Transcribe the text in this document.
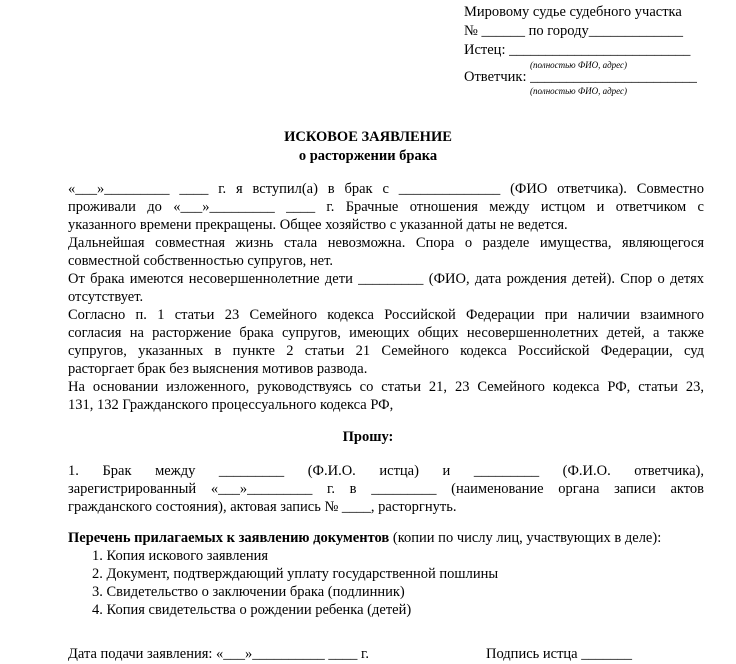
Мировому судье судебного участка
№ ______ по городу_____________
Истец: _________________________
(полностью ФИО, адрес)
Ответчик: _______________________
(полностью ФИО, адрес)
ИСКОВОЕ ЗАЯВЛЕНИЕ
о расторжении брака
«___»_________ ____ г. я вступил(а) в брак с ______________ (ФИО ответчика). Совместно
проживали до «___»_________ ____ г. Брачные отношения между истцом и ответчиком с
указанного времени прекращены. Общее хозяйство с указанной даты не ведется.
Дальнейшая совместная жизнь стала невозможна. Спора о разделе имущества, являющегося
совместной собственностью супругов, нет.
От брака имеются несовершеннолетние дети _________ (ФИО, дата рождения детей). Спор о детях
отсутствует.
Согласно п. 1 статьи 23 Семейного кодекса Российской Федерации при наличии взаимного
согласия на расторжение брака супругов, имеющих общих несовершеннолетних детей, а также
супругов, указанных в пункте 2 статьи 21 Семейного кодекса Российской Федерации, суд
расторгает брак без выяснения мотивов развода.
На основании изложенного, руководствуясь со статьи 21, 23 Семейного кодекса РФ, статьи 23,
131, 132 Гражданского процессуального кодекса РФ,
Прошу:
1. Брак между _________ (Ф.И.О. истца) и _________ (Ф.И.О. ответчика),
зарегистрированный «___»_________ г. в _________ (наименование органа записи актов
гражданского состояния), актовая запись № ____, расторгнуть.
Перечень прилагаемых к заявлению документов (копии по числу лиц, участвующих в деле):
1. Копия искового заявления
2. Документ, подтверждающий уплату государственной пошлины
3. Свидетельство о заключении брака (подлинник)
4. Копия свидетельства о рождении ребенка (детей)
Дата подачи заявления: «___»__________ ____ г.	Подпись истца _______
